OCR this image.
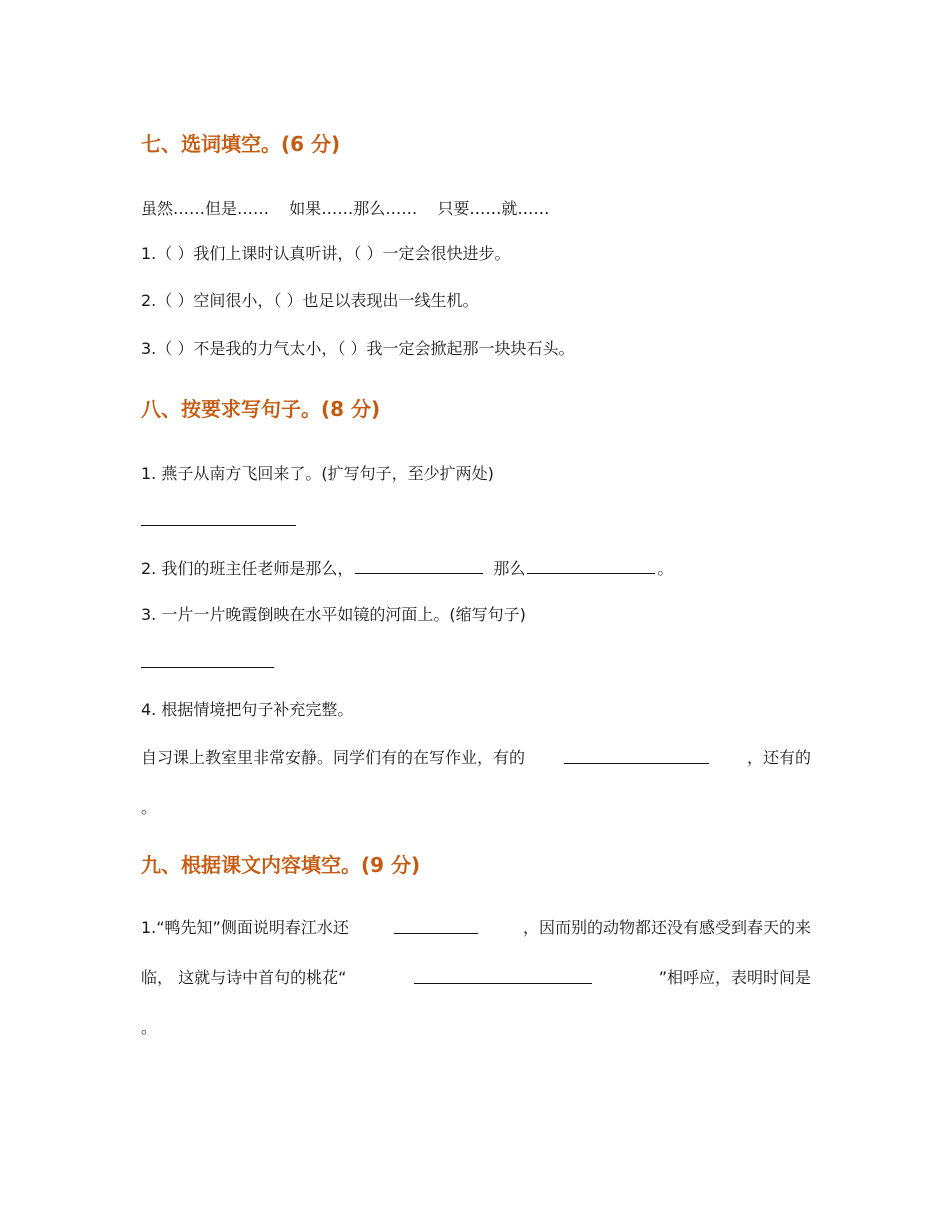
七、选词填空。(6 分)
虽然……但是…… 如果……那么…… 只要……就……
1.（ ）我们上课时认真听讲，（ ）一定会很快进步。
2.（ ）空间很小，（ ）也足以表现出一线生机。
3.（ ）不是我的力气太小，（ ）我一定会掀起那一块块石头。
八、按要求写句子。(8 分)
1. 燕子从南方飞回来了。(扩写句子，至少扩两处)
2. 我们的班主任老师是那么，	那么	。
3. 一片一片晚霞倒映在水平如镜的河面上。(缩写句子)
4. 根据情境把句子补充完整。
自习课上教室里非常安静。同学们有的在写作业，有的	，还有的
。
九、根据课文内容填空。(9 分)
1.“鸭先知”侧面说明春江水还	，因而别的动物都还没有感受到春天的来
临， 这就与诗中首句的桃花“	”相呼应，表明时间是
。
